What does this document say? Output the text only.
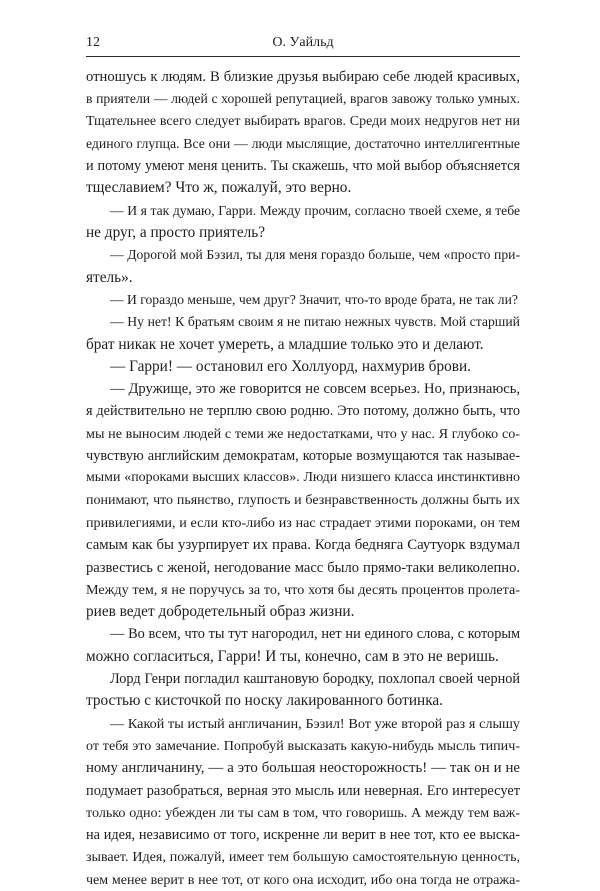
12	О. Уайльд
отношусь к людям. В близкие друзья выбираю себе людей красивых,
в приятели — людей с хорошей репутацией, врагов завожу только умных.
Тщательнее всего следует выбирать врагов. Среди моих недругов нет ни
единого глупца. Все они — люди мыслящие, достаточно интеллигентные
и потому умеют меня ценить. Ты скажешь, что мой выбор объясняется
тщеславием? Что ж, пожалуй, это верно.
— И я так думаю, Гарри. Между прочим, согласно твоей схеме, я тебе
не друг, а просто приятель?
— Дорогой мой Бэзил, ты для меня гораздо больше, чем «просто при-
ятель».
— И гораздо меньше, чем друг? Значит, что-то вроде брата, не так ли?
— Ну нет! К братьям своим я не питаю нежных чувств. Мой старший
брат никак не хочет умереть, а младшие только это и делают.
— Гарри! — остановил его Холлуорд, нахмурив брови.
— Дружище, это же говорится не совсем всерьез. Но, признаюсь,
я действительно не терплю свою родню. Это потому, должно быть, что
мы не выносим людей с теми же недостатками, что у нас. Я глубоко со-
чувствую английским демократам, которые возмущаются так называе-
мыми «пороками высших классов». Люди низшего класса инстинктивно
понимают, что пьянство, глупость и безнравственность должны быть их
привилегиями, и если кто-либо из нас страдает этими пороками, он тем
самым как бы узурпирует их права. Когда бедняга Саутуорк вздумал
развестись с женой, негодование масс было прямо-таки великолепно.
Между тем, я не поручусь за то, что хотя бы десять процентов пролета-
риев ведет добродетельный образ жизни.
— Во всем, что ты тут нагородил, нет ни единого слова, с которым
можно согласиться, Гарри! И ты, конечно, сам в это не веришь.
Лорд Генри погладил каштановую бородку, похлопал своей черной
тростью с кисточкой по носку лакированного ботинка.
— Какой ты истый англичанин, Бэзил! Вот уже второй раз я слышу
от тебя это замечание. Попробуй высказать какую-нибудь мысль типич-
ному англичанину, — а это большая неосторожность! — так он и не
подумает разобраться, верная это мысль или неверная. Его интересует
только одно: убежден ли ты сам в том, что говоришь. А между тем важ-
на идея, независимо от того, искренне ли верит в нее тот, кто ее выска-
зывает. Идея, пожалуй, имеет тем большую самостоятельную ценность,
чем менее верит в нее тот, от кого она исходит, ибо она тогда не отража-
